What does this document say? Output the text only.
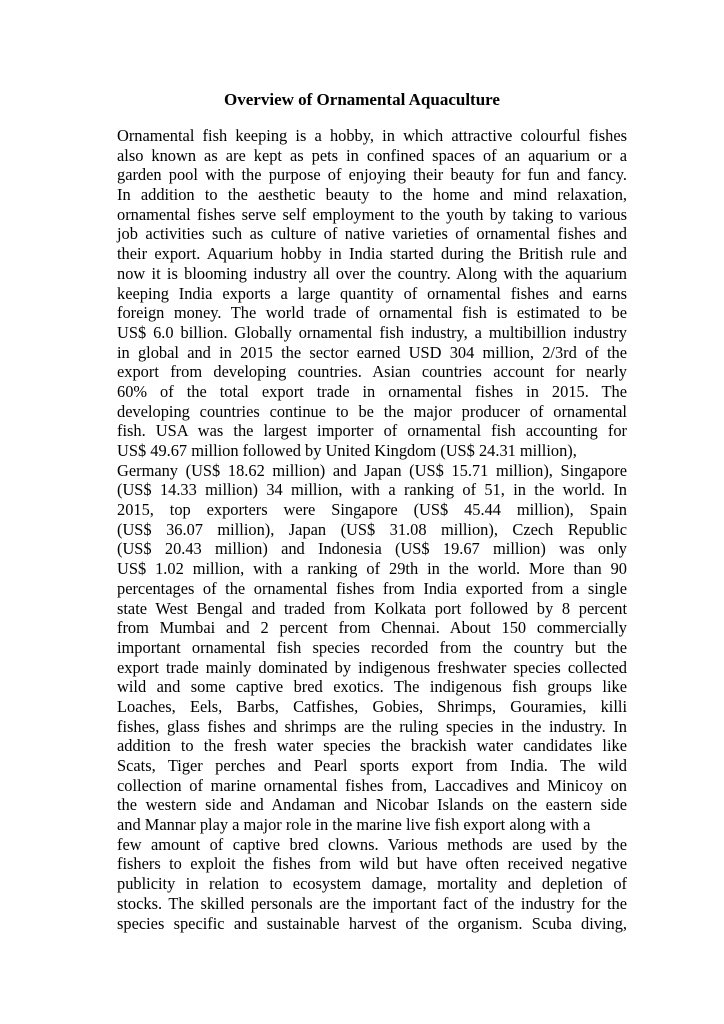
Overview of Ornamental Aquaculture
Ornamental fish keeping is a hobby, in which attractive colourful fishes
also known as are kept as pets in confined spaces of an aquarium or a
garden pool with the purpose of enjoying their beauty for fun and fancy.
In addition to the aesthetic beauty to the home and mind relaxation,
ornamental fishes serve self employment to the youth by taking to various
job activities such as culture of native varieties of ornamental fishes and
their export. Aquarium hobby in India started during the British rule and
now it is blooming industry all over the country. Along with the aquarium
keeping India exports a large quantity of ornamental fishes and earns
foreign money. The world trade of ornamental fish is estimated to be
US$ 6.0 billion. Globally ornamental fish industry, a multibillion industry
in global and in 2015 the sector earned USD 304 million, 2/3rd of the
export from developing countries. Asian countries account for nearly
60% of the total export trade in ornamental fishes in 2015. The
developing countries continue to be the major producer of ornamental
fish. USA was the largest importer of ornamental fish accounting for
US$ 49.67 million followed by United Kingdom (US$ 24.31 million),
Germany (US$ 18.62 million) and Japan (US$ 15.71 million), Singapore
(US$ 14.33 million) 34 million, with a ranking of 51, in the world. In
2015, top exporters were Singapore (US$ 45.44 million), Spain
(US$ 36.07 million), Japan (US$ 31.08 million), Czech Republic
(US$ 20.43 million) and Indonesia (US$ 19.67 million) was only
US$ 1.02 million, with a ranking of 29th in the world. More than 90
percentages of the ornamental fishes from India exported from a single
state West Bengal and traded from Kolkata port followed by 8 percent
from Mumbai and 2 percent from Chennai. About 150 commercially
important ornamental fish species recorded from the country but the
export trade mainly dominated by indigenous freshwater species collected
wild and some captive bred exotics. The indigenous fish groups like
Loaches, Eels, Barbs, Catfishes, Gobies, Shrimps, Gouramies, killi
fishes, glass fishes and shrimps are the ruling species in the industry. In
addition to the fresh water species the brackish water candidates like
Scats, Tiger perches and Pearl sports export from India. The wild
collection of marine ornamental fishes from, Laccadives and Minicoy on
the western side and Andaman and Nicobar Islands on the eastern side
and Mannar play a major role in the marine live fish export along with a
few amount of captive bred clowns. Various methods are used by the
fishers to exploit the fishes from wild but have often received negative
publicity in relation to ecosystem damage, mortality and depletion of
stocks. The skilled personals are the important fact of the industry for the
species specific and sustainable harvest of the organism. Scuba diving,
